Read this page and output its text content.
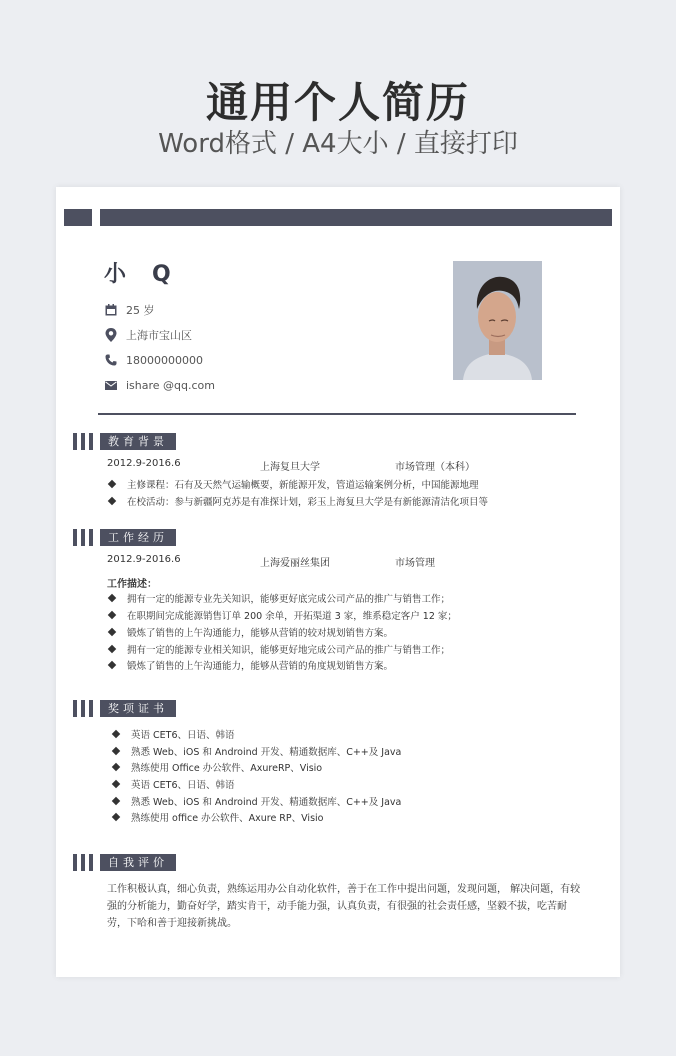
通用个人简历
Word格式 / A4大小 / 直接打印
小Q
25 岁
上海市宝山区
18000000000
ishare @qq.com
教育背景
2012.9-2016.6	上海复旦大学	市场管理（本科）
主修课程：石有及天然气运输概要，新能源开发，管道运输案例分析，中国能源地理
在校活动：参与新疆阿克苏是有准探计划，彩玉上海复旦大学是有新能源清洁化项目等
工作经历
2012.9-2016.6	上海爱丽丝集团	市场管理
工作描述：
拥有一定的能源专业先关知识，能够更好底完成公司产品的推广与销售工作；
在职期间完成能源销售订单 200 余单，开拓渠道 3 家，维系稳定客户 12 家；
锻炼了销售的上午沟通能力，能够从营销的较对规划销售方案。
拥有一定的能源专业相关知识，能够更好地完成公司产品的推广与销售工作；
锻炼了销售的上午沟通能力，能够从营销的角度规划销售方案。
奖项证书
英语 CET6、日语、韩语
熟悉 Web、iOS 和 Androind 开发、精通数据库、C++及 Java
熟练使用 Office 办公软件、AxureRP、Visio
英语 CET6、日语、韩语
熟悉 Web、iOS 和 Androind 开发、精通数据库、C++及 Java
熟练使用 office 办公软件、Axure RP、Visio
自我评价
工作积极认真，细心负责，熟练运用办公自动化软件，善于在工作中提出问题，发现问题， 解决问题，有较强的分析能力，勤奋好学，踏实肯干，动手能力强，认真负责，有很强的社会责任感，坚毅不拔，吃苦耐劳，下哈和善于迎接新挑战。
